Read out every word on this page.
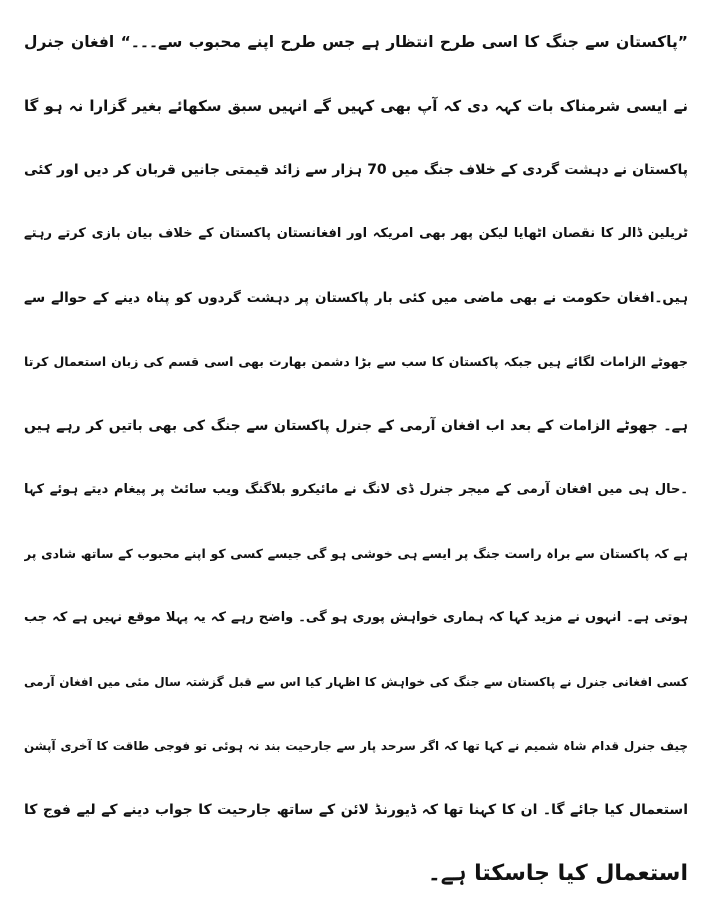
”پاکستان سے جنگ کا اسی طرح انتظار ہے جس طرح اپنے محبوب سے۔۔۔“ افغان جنرل
نے ایسی شرمناک بات کہہ دی کہ آپ بھی کہیں گے انہیں سبق سکھائے بغیر گزارا نہ ہو گا
پاکستان نے دہشت گردی کے خلاف جنگ میں 70 ہزار سے زائد قیمتی جانیں قربان کر دیں اور کئی
ٹریلین ڈالر کا نقصان اٹھایا لیکن پھر بھی امریکہ اور افغانستان پاکستان کے خلاف بیان بازی کرتے رہتے
ہیں۔افغان حکومت نے بھی ماضی میں کئی بار پاکستان پر دہشت گردوں کو پناہ دینے کے حوالے سے
جھوٹے الزامات لگائے ہیں جبکہ پاکستان کا سب سے بڑا دشمن بھارت بھی اسی قسم کی زبان استعمال کرتا
ہے۔ جھوٹے الزامات کے بعد اب افغان آرمی کے جنرل پاکستان سے جنگ کی بھی باتیں کر رہے ہیں
۔حال ہی میں افغان آرمی کے میجر جنرل ڈی لانگ نے مائیکرو بلاگنگ ویب سائٹ پر پیغام دیتے ہوئے کہا
ہے کہ پاکستان سے براہ راست جنگ پر ایسے ہی خوشی ہو گی جیسے کسی کو اپنے محبوب کے ساتھ شادی پر
ہوتی ہے۔ انہوں نے مزید کہا کہ ہماری خواہش پوری ہو گی۔ واضح رہے کہ یہ پہلا موقع نہیں ہے کہ جب
کسی افغانی جنرل نے پاکستان سے جنگ کی خواہش کا اظہار کیا اس سے قبل گزشتہ سال مئی میں افغان آرمی
چیف جنرل قدام شاہ شمیم نے کہا تھا کہ اگر سرحد پار سے جارحیت بند نہ ہوئی تو فوجی طاقت کا آخری آپشن
استعمال کیا جائے گا۔ ان کا کہنا تھا کہ ڈیورنڈ لائن کے ساتھ جارحیت کا جواب دینے کے لیے فوج کا
استعمال کیا جاسکتا ہے۔
